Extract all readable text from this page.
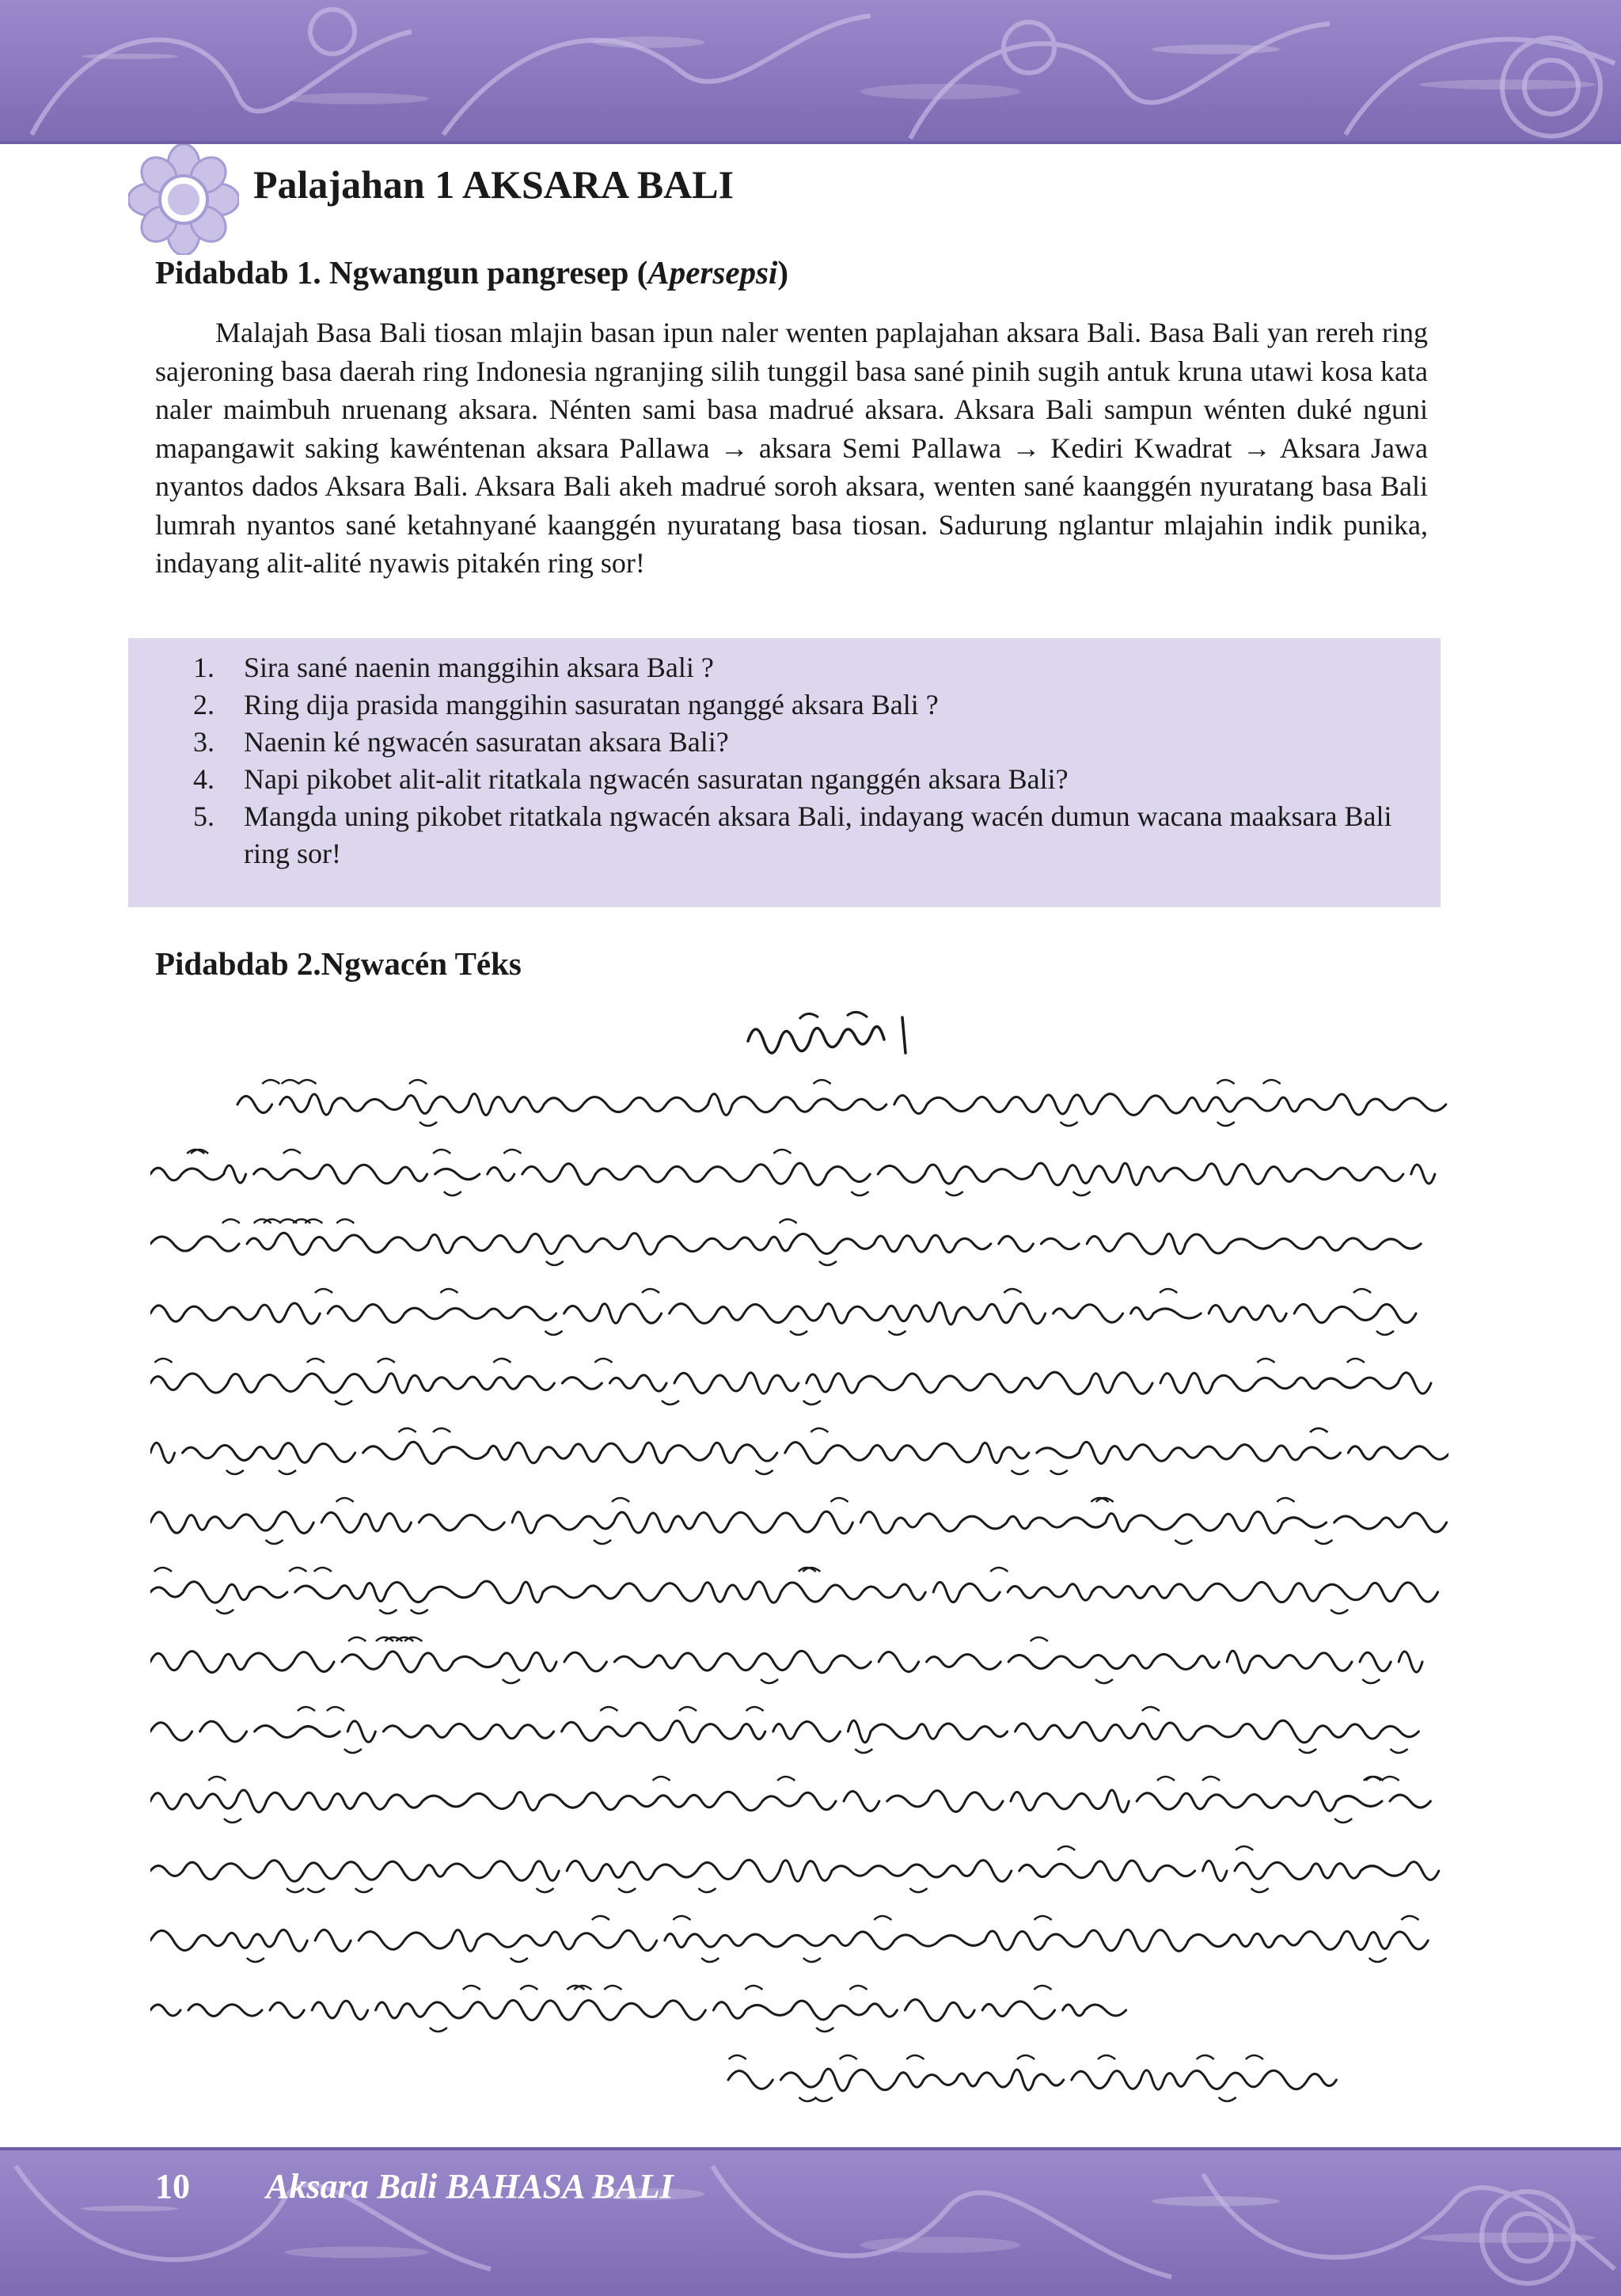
Palajahan 1 AKSARA BALI
Pidabdab 1. Ngwangun pangresep (Apersepsi)
Malajah Basa Bali tiosan mlajin basan ipun naler wenten paplajahan aksara Bali. Basa Bali yan rereh ring sajeroning basa daerah ring Indonesia ngranjing silih tunggil basa sané pinih sugih antuk kruna utawi kosa kata naler maimbuh nruenang aksara. Nénten sami basa madrué aksara. Aksara Bali sampun wénten duké nguni mapangawit saking kawéntenan aksara Pallawa → aksara Semi Pallawa → Kediri Kwadrat → Aksara Jawa nyantos dados Aksara Bali. Aksara Bali akeh madrué soroh aksara, wenten sané kaanggén nyuratang basa Bali lumrah nyantos sané ketahnyané kaanggén nyuratang basa tiosan. Sadurung nglantur mlajahin indik punika, indayang alit-alité nyawis pitakén ring sor!
1.	Sira sané naenin manggihin aksara Bali ?
2.	Ring dija prasida manggihin sasuratan nganggé aksara Bali ?
3.	Naenin ké ngwacén sasuratan aksara Bali?
4.	Napi pikobet alit-alit ritatkala ngwacén sasuratan nganggén aksara Bali?
5.	Mangda uning pikobet ritatkala ngwacén aksara Bali, indayang wacén dumun wacana maaksara Bali ring sor!
Pidabdab 2.Ngwacén Téks
10 Aksara Bali BAHASA BALI
